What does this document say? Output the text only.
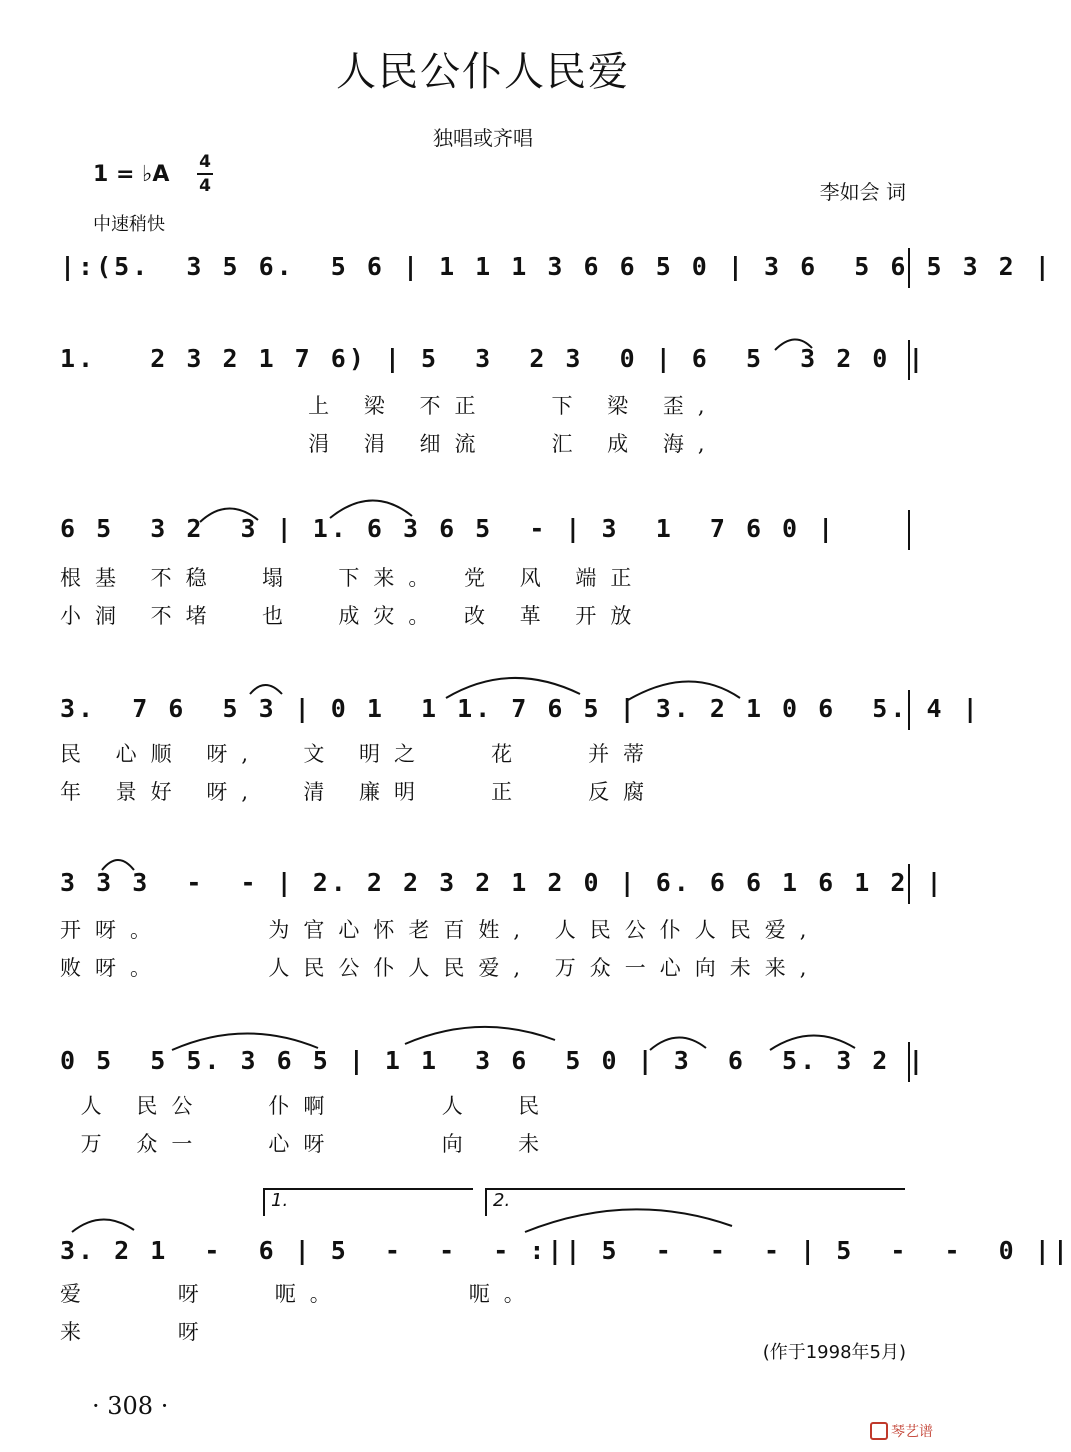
人民公仆人民爱
独唱或齐唱
1 = ♭A 4
4	李如会 词
中速稍快
|:(5.  3 5 6.  5 6 | 1 1 1 3 6 6 5 0 | 3 6  5 6 5 3 2 |
1.   2 3 2 1 7 6) | 5  3  2 3  0 | 6  5  3 2 0 |
上 梁 不正   下 梁 歪,
涓 涓 细流   汇 成 海,
6 5  3 2  3 | 1. 6 3 6 5  - | 3  1  7 6 0 |
根基 不稳  塌  下来。 党 风 端正
小洞 不堵  也  成灾。 改 革 开放
3.  7 6  5 3 | 0 1  1 1. 7 6 5 | 3. 2 1 0 6  5. 4 |
民 心顺 呀,  文 明之   花   并蒂
年 景好 呀,  清 廉明   正   反腐
3 3 3  -  - | 2. 2 2 3 2 1 2 0 | 6. 6 6 1 6 1 2 |
开呀。     为官心怀老百姓, 人民公仆人民爱,
败呀。     人民公仆人民爱, 万众一心向未来,
0 5  5 5. 3 6 5 | 1 1  3 6  5 0 | 3  6  5. 3 2 |
人 民公   仆啊     人  民
万 众一   心呀     向  未
1.	2.
3. 2 1  -  6 | 5  -  -  - :|| 5  -  -  - | 5  -  -  0 ||
爱    呀   呃。      呃。
来    呀
(作于1998年5月)
· 308 ·
琴艺谱
